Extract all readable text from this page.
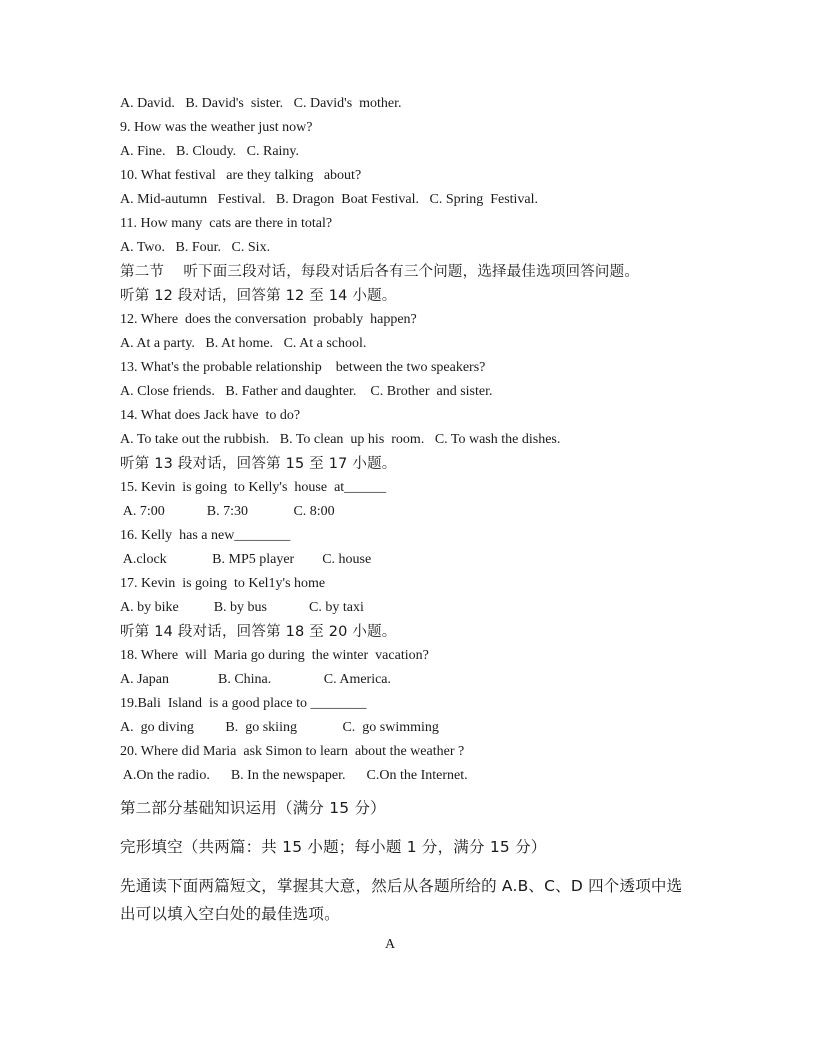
A. David.   B. David's  sister.   C. David's  mother.
9. How was the weather just now?
A. Fine.   B. Cloudy.   C. Rainy.
10. What festival   are they talking   about?
A. Mid-autumn   Festival.   B. Dragon  Boat Festival.   C. Spring  Festival.
11. How many  cats are there in total?
A. Two.   B. Four.   C. Six.
第二节    听下面三段对话，每段对话后各有三个问题，选择最佳选项回答问题。
听第 12 段对话，回答第 12 至 14 小题。
12. Where  does the conversation  probably  happen?
A. At a party.   B. At home.   C. At a school.
13. What's the probable relationship    between the two speakers?
A. Close friends.   B. Father and daughter.    C. Brother  and sister.
14. What does Jack have  to do?
A. To take out the rubbish.   B. To clean  up his  room.   C. To wash the dishes.
听第 13 段对话，回答第 15 至 17 小题。
15. Kevin  is going  to Kelly's  house  at______
A. 7:00            B. 7:30             C. 8:00
16. Kelly  has a new________
A.clock             B. MP5 player        C. house
17. Kevin  is going  to Kel1y's home
A. by bike          B. by bus            C. by taxi
听第 14 段对话，回答第 18 至 20 小题。
18. Where  will  Maria go during  the winter  vacation?
A. Japan              B. China.               C. America.
19.Bali  Island  is a good place to ________
A.  go diving         B.  go skiing             C.  go swimming
20. Where did Maria  ask Simon to learn  about the weather ?
A.On the radio.      B. In the newspaper.      C.On the Internet.
第二部分基础知识运用（满分 15 分）
完形填空（共两篇：共 15 小题；每小题 1 分，满分 15 分）
先通读下面两篇短文，掌握其大意，然后从各题所给的 A.B、C、D 四个透项中选
出可以填入空白处的最佳选项。
A
